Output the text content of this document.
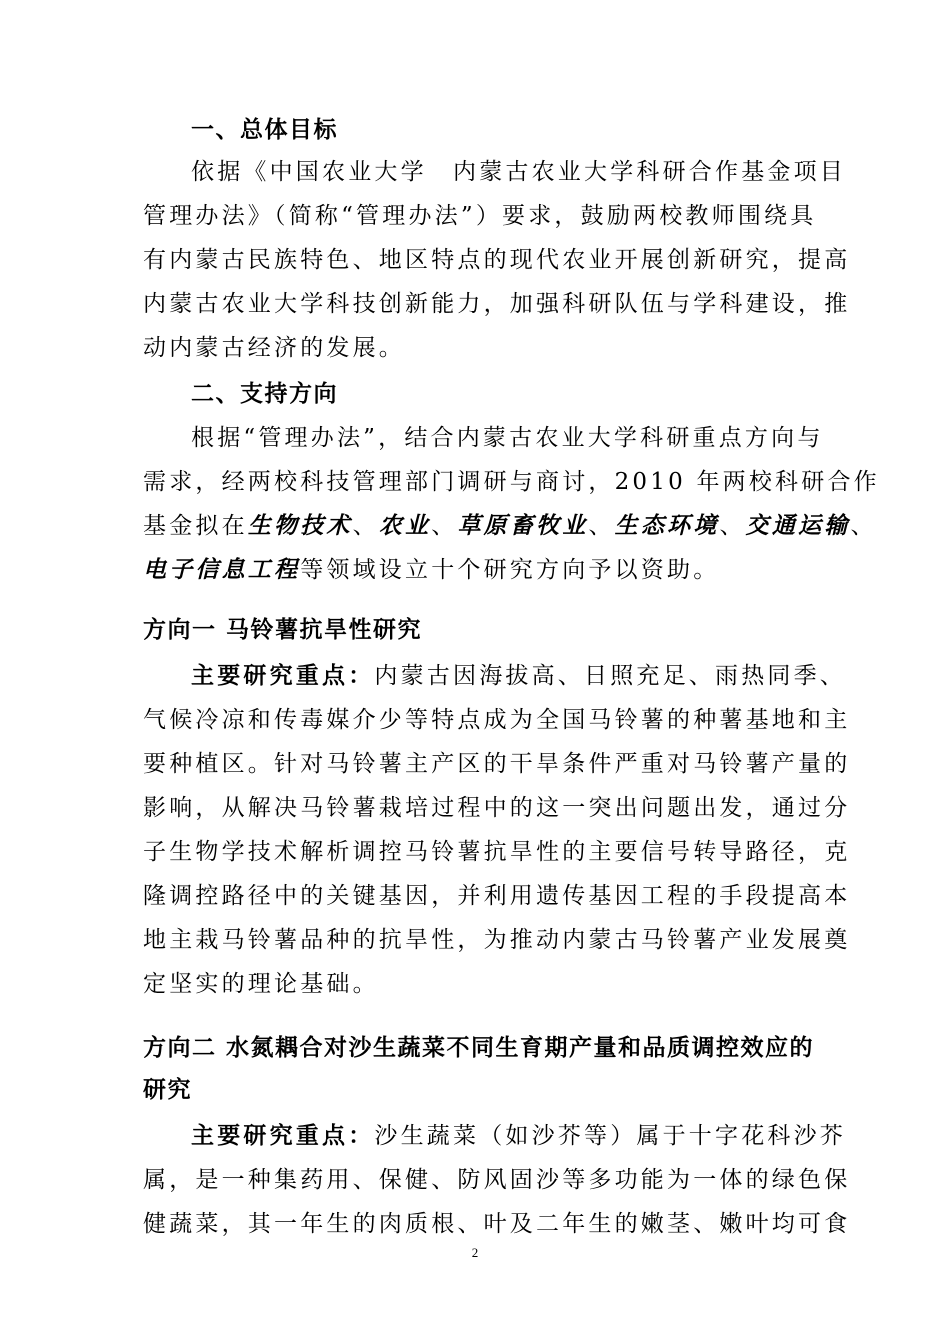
一、总体目标
依据《中国农业大学　内蒙古农业大学科研合作基金项目
管理办法》（简称“管理办法”）要求，鼓励两校教师围绕具
有内蒙古民族特色、地区特点的现代农业开展创新研究，提高
内蒙古农业大学科技创新能力，加强科研队伍与学科建设，推
动内蒙古经济的发展。
二、支持方向
根据“管理办法”，结合内蒙古农业大学科研重点方向与
需求，经两校科技管理部门调研与商讨，2010 年两校科研合作
基金拟在生物技术、农业、草原畜牧业、生态环境、交通运输、
电子信息工程等领域设立十个研究方向予以资助。
方向一 马铃薯抗旱性研究
主要研究重点：内蒙古因海拔高、日照充足、雨热同季、
气候冷凉和传毒媒介少等特点成为全国马铃薯的种薯基地和主
要种植区。针对马铃薯主产区的干旱条件严重对马铃薯产量的
影响，从解决马铃薯栽培过程中的这一突出问题出发，通过分
子生物学技术解析调控马铃薯抗旱性的主要信号转导路径，克
隆调控路径中的关键基因，并利用遗传基因工程的手段提高本
地主栽马铃薯品种的抗旱性，为推动内蒙古马铃薯产业发展奠
定坚实的理论基础。
方向二 水氮耦合对沙生蔬菜不同生育期产量和品质调控效应的
研究
主要研究重点：沙生蔬菜（如沙芥等）属于十字花科沙芥
属，是一种集药用、保健、防风固沙等多功能为一体的绿色保
健蔬菜，其一年生的肉质根、叶及二年生的嫩茎、嫩叶均可食
2
